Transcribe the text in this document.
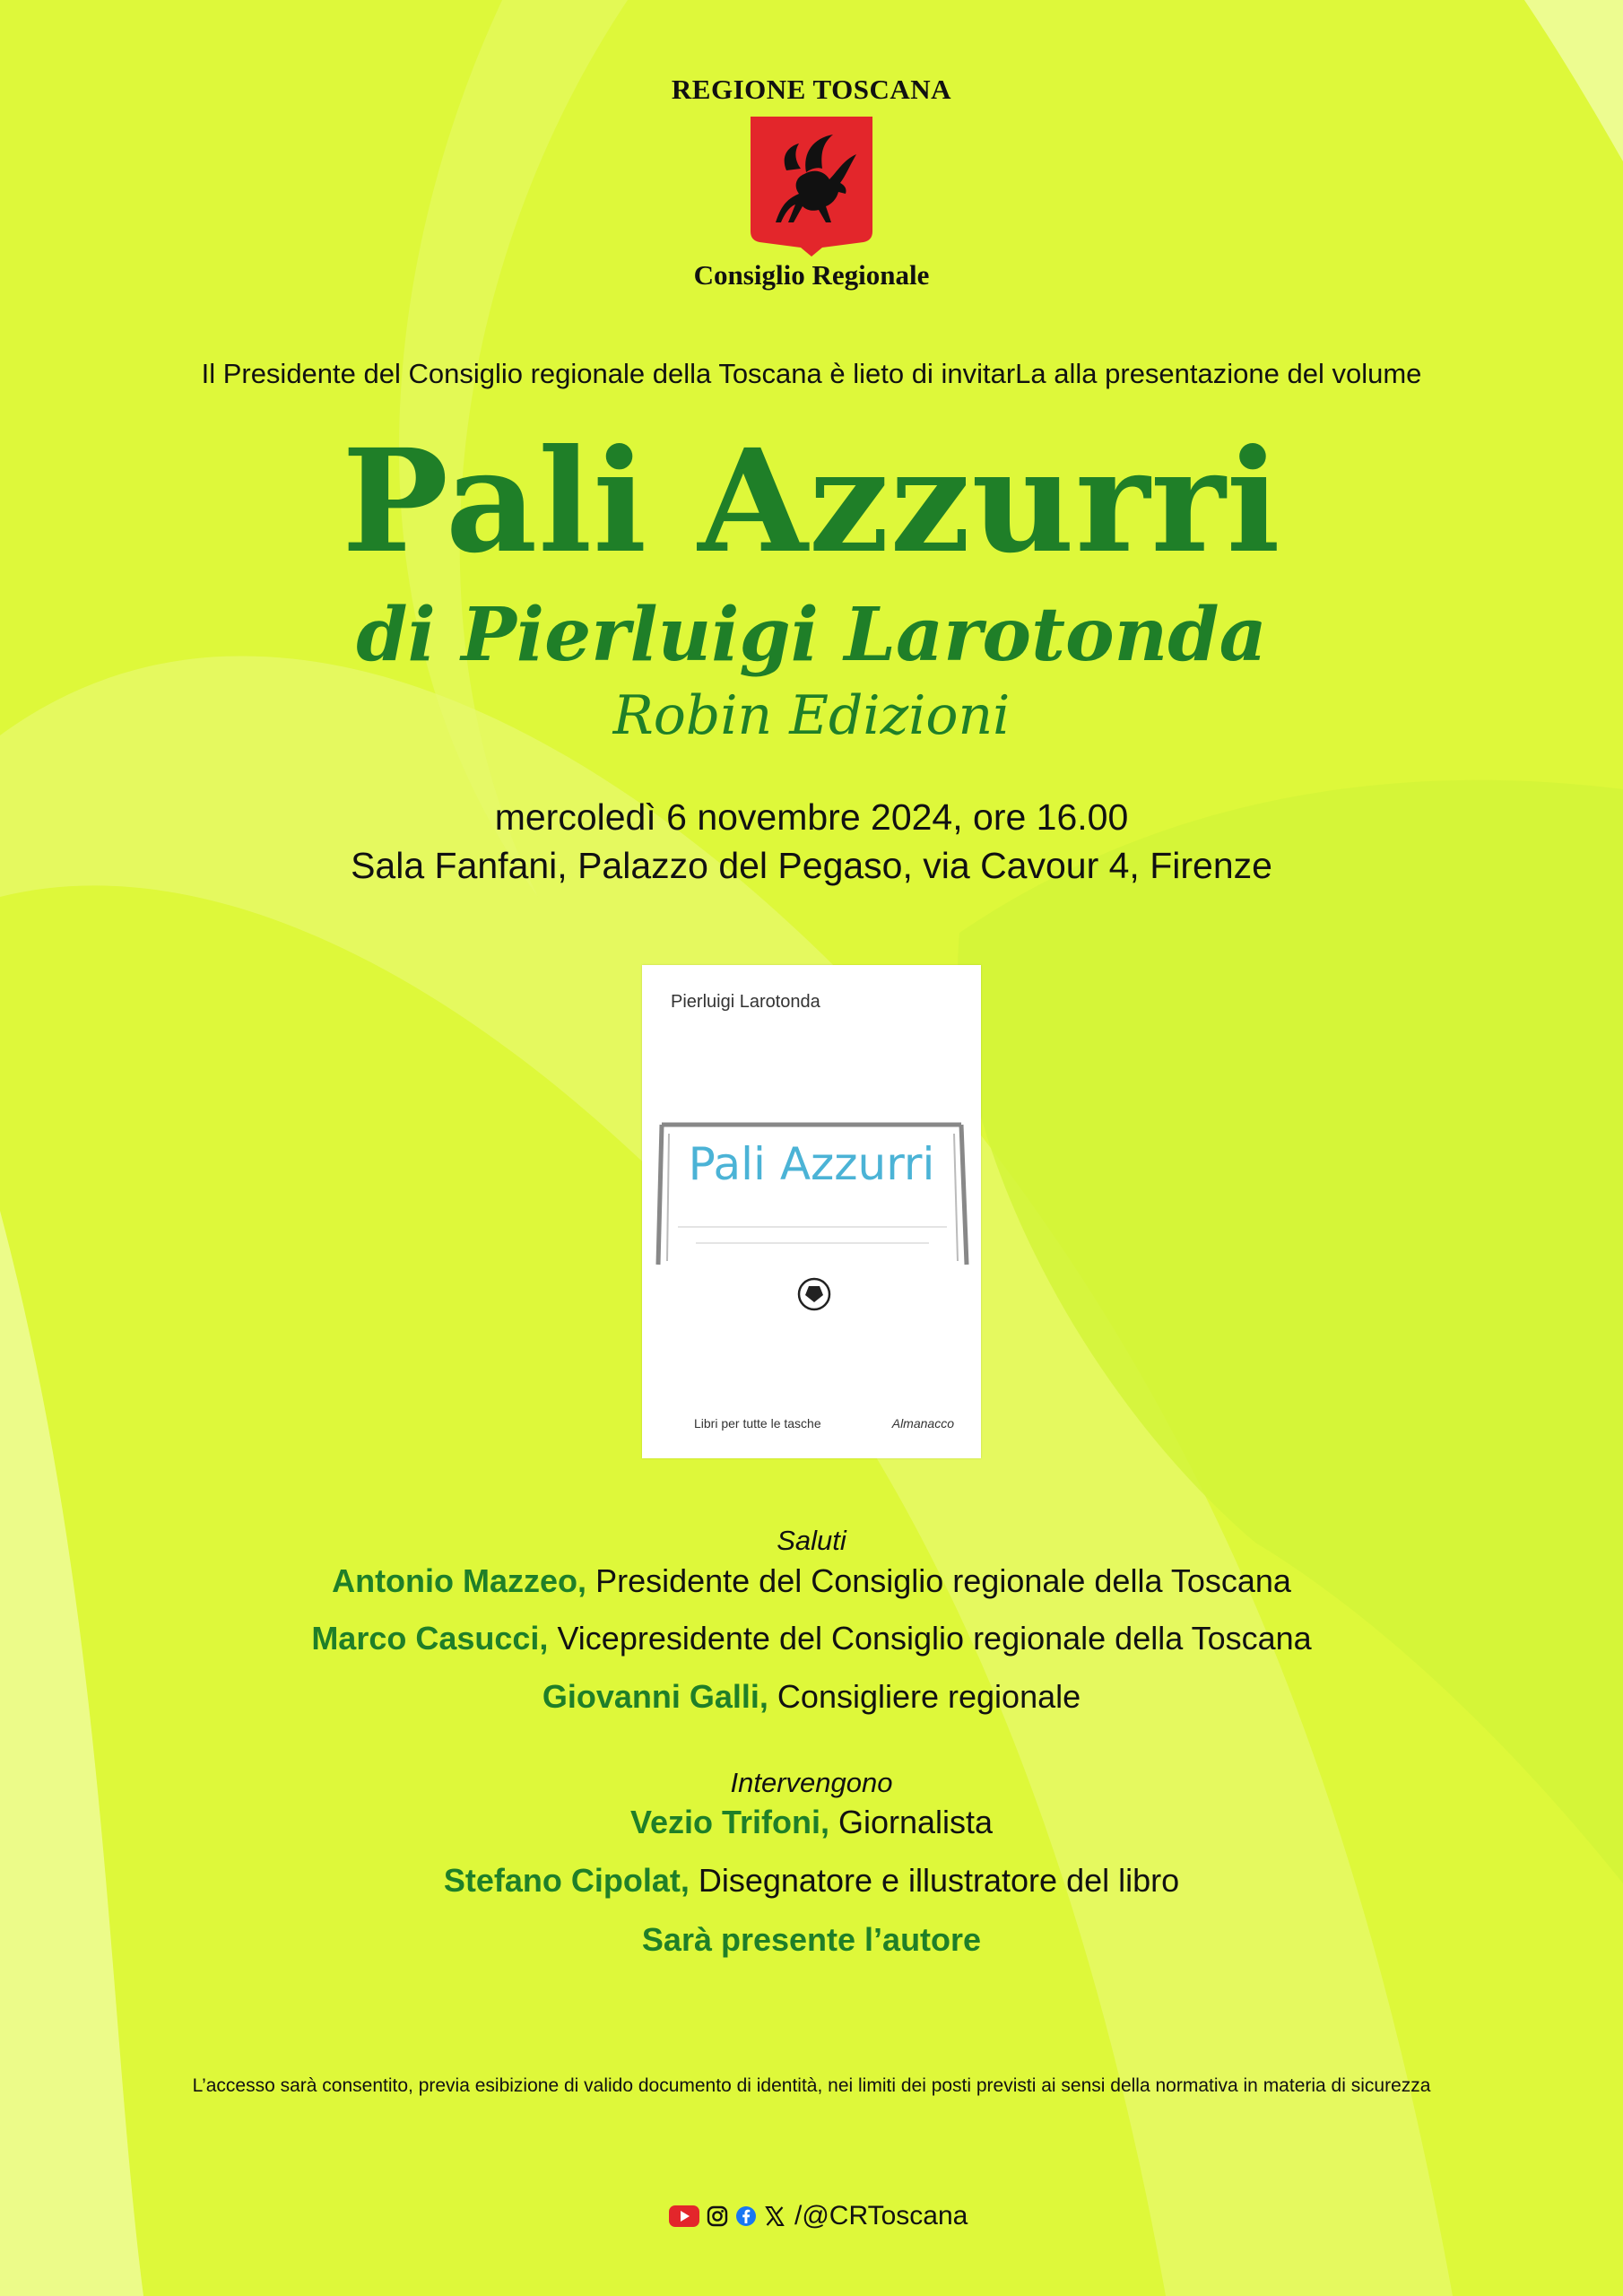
REGIONE TOSCANA
Consiglio Regionale
Il Presidente del Consiglio regionale della Toscana è lieto di invitarLa alla presentazione del volume
Pali Azzurri
di Pierluigi Larotonda
Robin Edizioni
mercoledì 6 novembre 2024, ore 16.00
Sala Fanfani, Palazzo del Pegaso, via Cavour 4, Firenze
Pierluigi Larotonda
Pali Azzurri
Libri per tutte le tasche	Almanacco
Saluti
Antonio Mazzeo, Presidente del Consiglio regionale della Toscana
Marco Casucci, Vicepresidente del Consiglio regionale della Toscana
Giovanni Galli, Consigliere regionale
Intervengono
Vezio Trifoni, Giornalista
Stefano Cipolat, Disegnatore e illustratore del libro
Sarà presente l’autore
L’accesso sarà consentito, previa esibizione di valido documento di identità, nei limiti dei posti previsti ai sensi della normativa in materia di sicurezza
/@CRToscana
